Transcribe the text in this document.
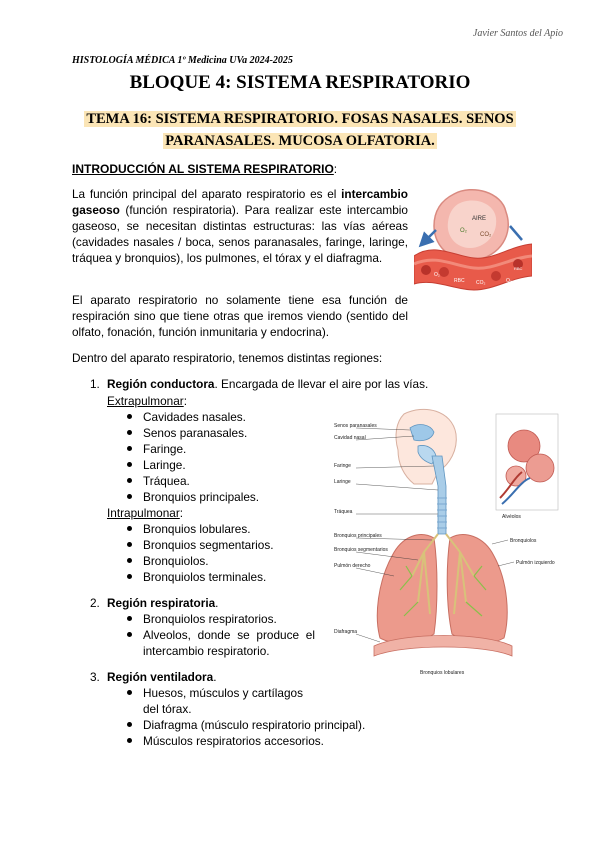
Javier Santos del Apio
HISTOLOGÍA MÉDICA 1º Medicina UVa 2024-2025
BLOQUE 4: SISTEMA RESPIRATORIO
TEMA 16: SISTEMA RESPIRATORIO. FOSAS NASALES. SENOS
PARANASALES. MUCOSA OLFATORIA.
INTRODUCCIÓN AL SISTEMA RESPIRATORIO:
La función principal del aparato respiratorio es el intercambio gaseoso (función respiratoria). Para realizar este intercambio gaseoso, se necesitan distintas estructuras: las vías aéreas (cavidades nasales / boca, senos paranasales, faringe, laringe, tráquea y bronquios), los pulmones, el tórax y el diafragma.
El aparato respiratorio no solamente tiene esa función de respiración sino que tiene otras que iremos viendo (sentido del olfato, fonación, función inmunitaria y endocrina).
Dentro del aparato respiratorio, tenemos distintas regiones:
1. Región conductora. Encargada de llevar el aire por las vías.
Extrapulmonar:
Cavidades nasales.
Senos paranasales.
Faringe.
Laringe.
Tráquea.
Bronquios principales.
Intrapulmonar:
Bronquios lobulares.
Bronquios segmentarios.
Bronquiolos.
Bronquiolos terminales.
2. Región respiratoria.
Bronquiolos respiratorios.
Alveolos, donde se produce el
intercambio respiratorio.
3. Región ventiladora.
Huesos, músculos y cartílagos
del tórax.
Diafragma (músculo respiratorio principal).
Músculos respiratorios accesorios.
AIRE
O₂
CO₂
O₂
O₂
CO₂
RBC
RBC
Senos paranasales
Cavidad nasal
Faringe
Laringe
Tráquea
Bronquios principales
Bronquios segmentarios
Pulmón derecho
Bronquios lobulares
Alvéolos
Bronquiolos
Pulmón izquierdo
Diafragma
